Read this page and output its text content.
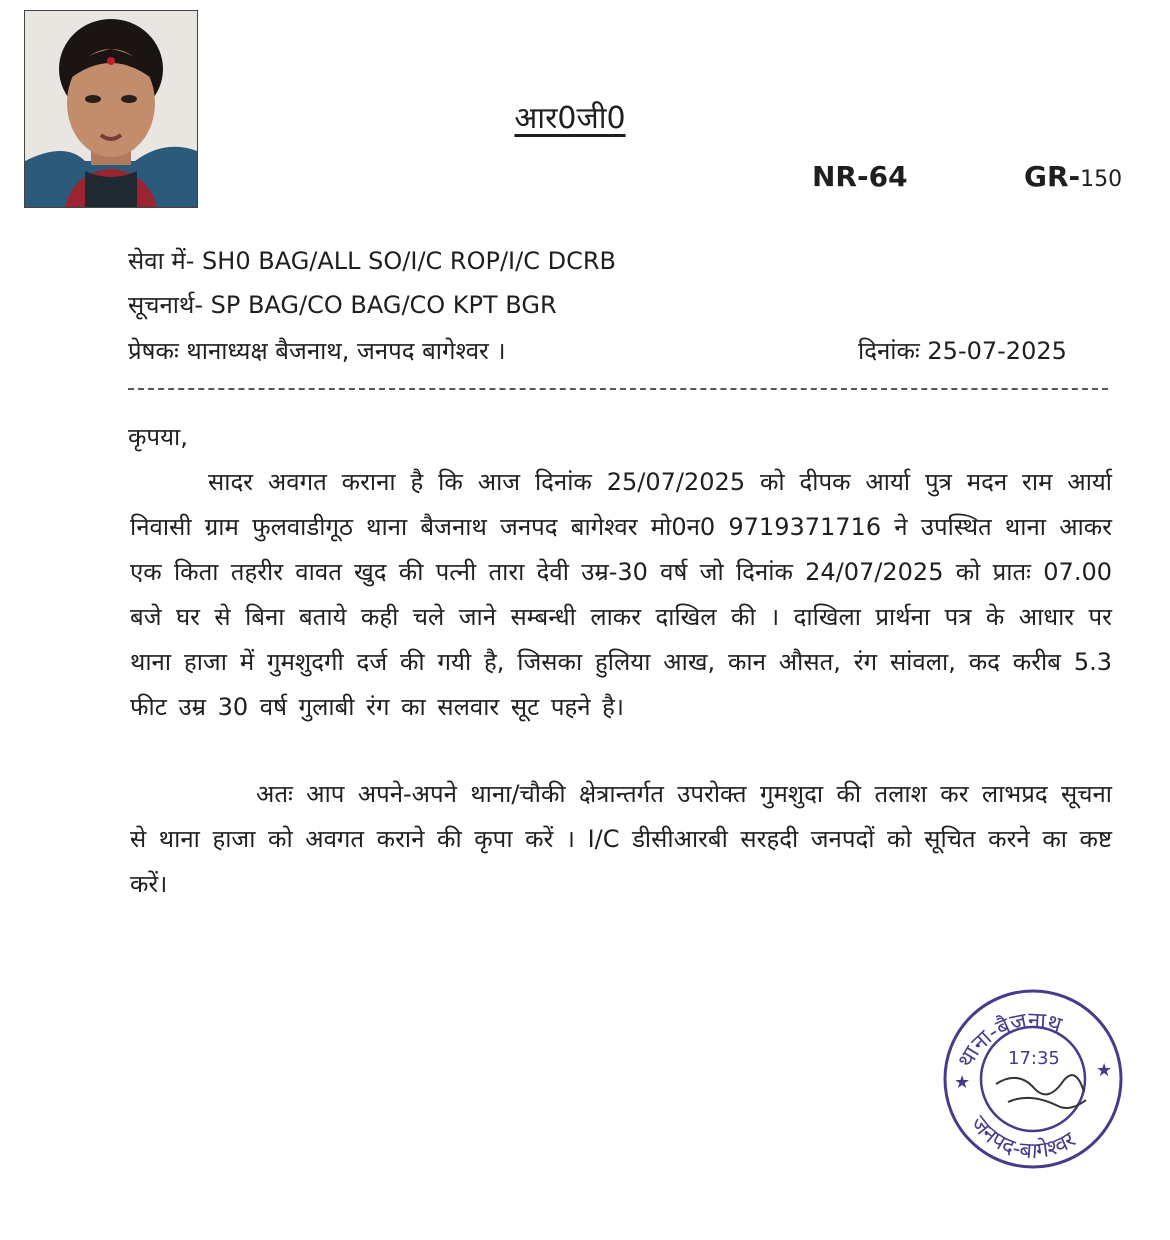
आर0जी0
NR-64	GR-150
सेवा में- SH0 BAG/ALL SO/I/C ROP/I/C DCRB
सूचनार्थ- SP BAG/CO BAG/CO KPT BGR
प्रेषकः थानाध्यक्ष बैजनाथ, जनपद बागेश्वर ।	दिनांकः 25-07-2025
कृपया,
सादर अवगत कराना है कि आज दिनांक 25/07/2025 को दीपक आर्या पुत्र मदन राम आर्या निवासी ग्राम फुलवाडीगूठ थाना बैजनाथ जनपद बागेश्वर मो0न0 9719371716 ने उपस्थित थाना आकर एक किता तहरीर वावत खुद की पत्नी तारा देवी उम्र-30 वर्ष जो दिनांक 24/07/2025 को प्रातः 07.00 बजे घर से बिना बताये कही चले जाने सम्बन्धी लाकर दाखिल की । दाखिला प्रार्थना पत्र के आधार पर थाना हाजा में गुमशुदगी दर्ज की गयी है, जिसका हुलिया आख, कान औसत, रंग सांवला, कद करीब 5.3 फीट उम्र 30 वर्ष गुलाबी रंग का सलवार सूट पहने है।
अतः आप अपने-अपने थाना/चौकी क्षेत्रान्तर्गत उपरोक्त गुमशुदा की तलाश कर लाभप्रद सूचना से थाना हाजा को अवगत कराने की कृपा करें । I/C डीसीआरबी सरहदी जनपदों को सूचित करने का कष्ट करें।
थाना-बैजनाथ
जनपद-बागेश्वर
17:35
★
★
